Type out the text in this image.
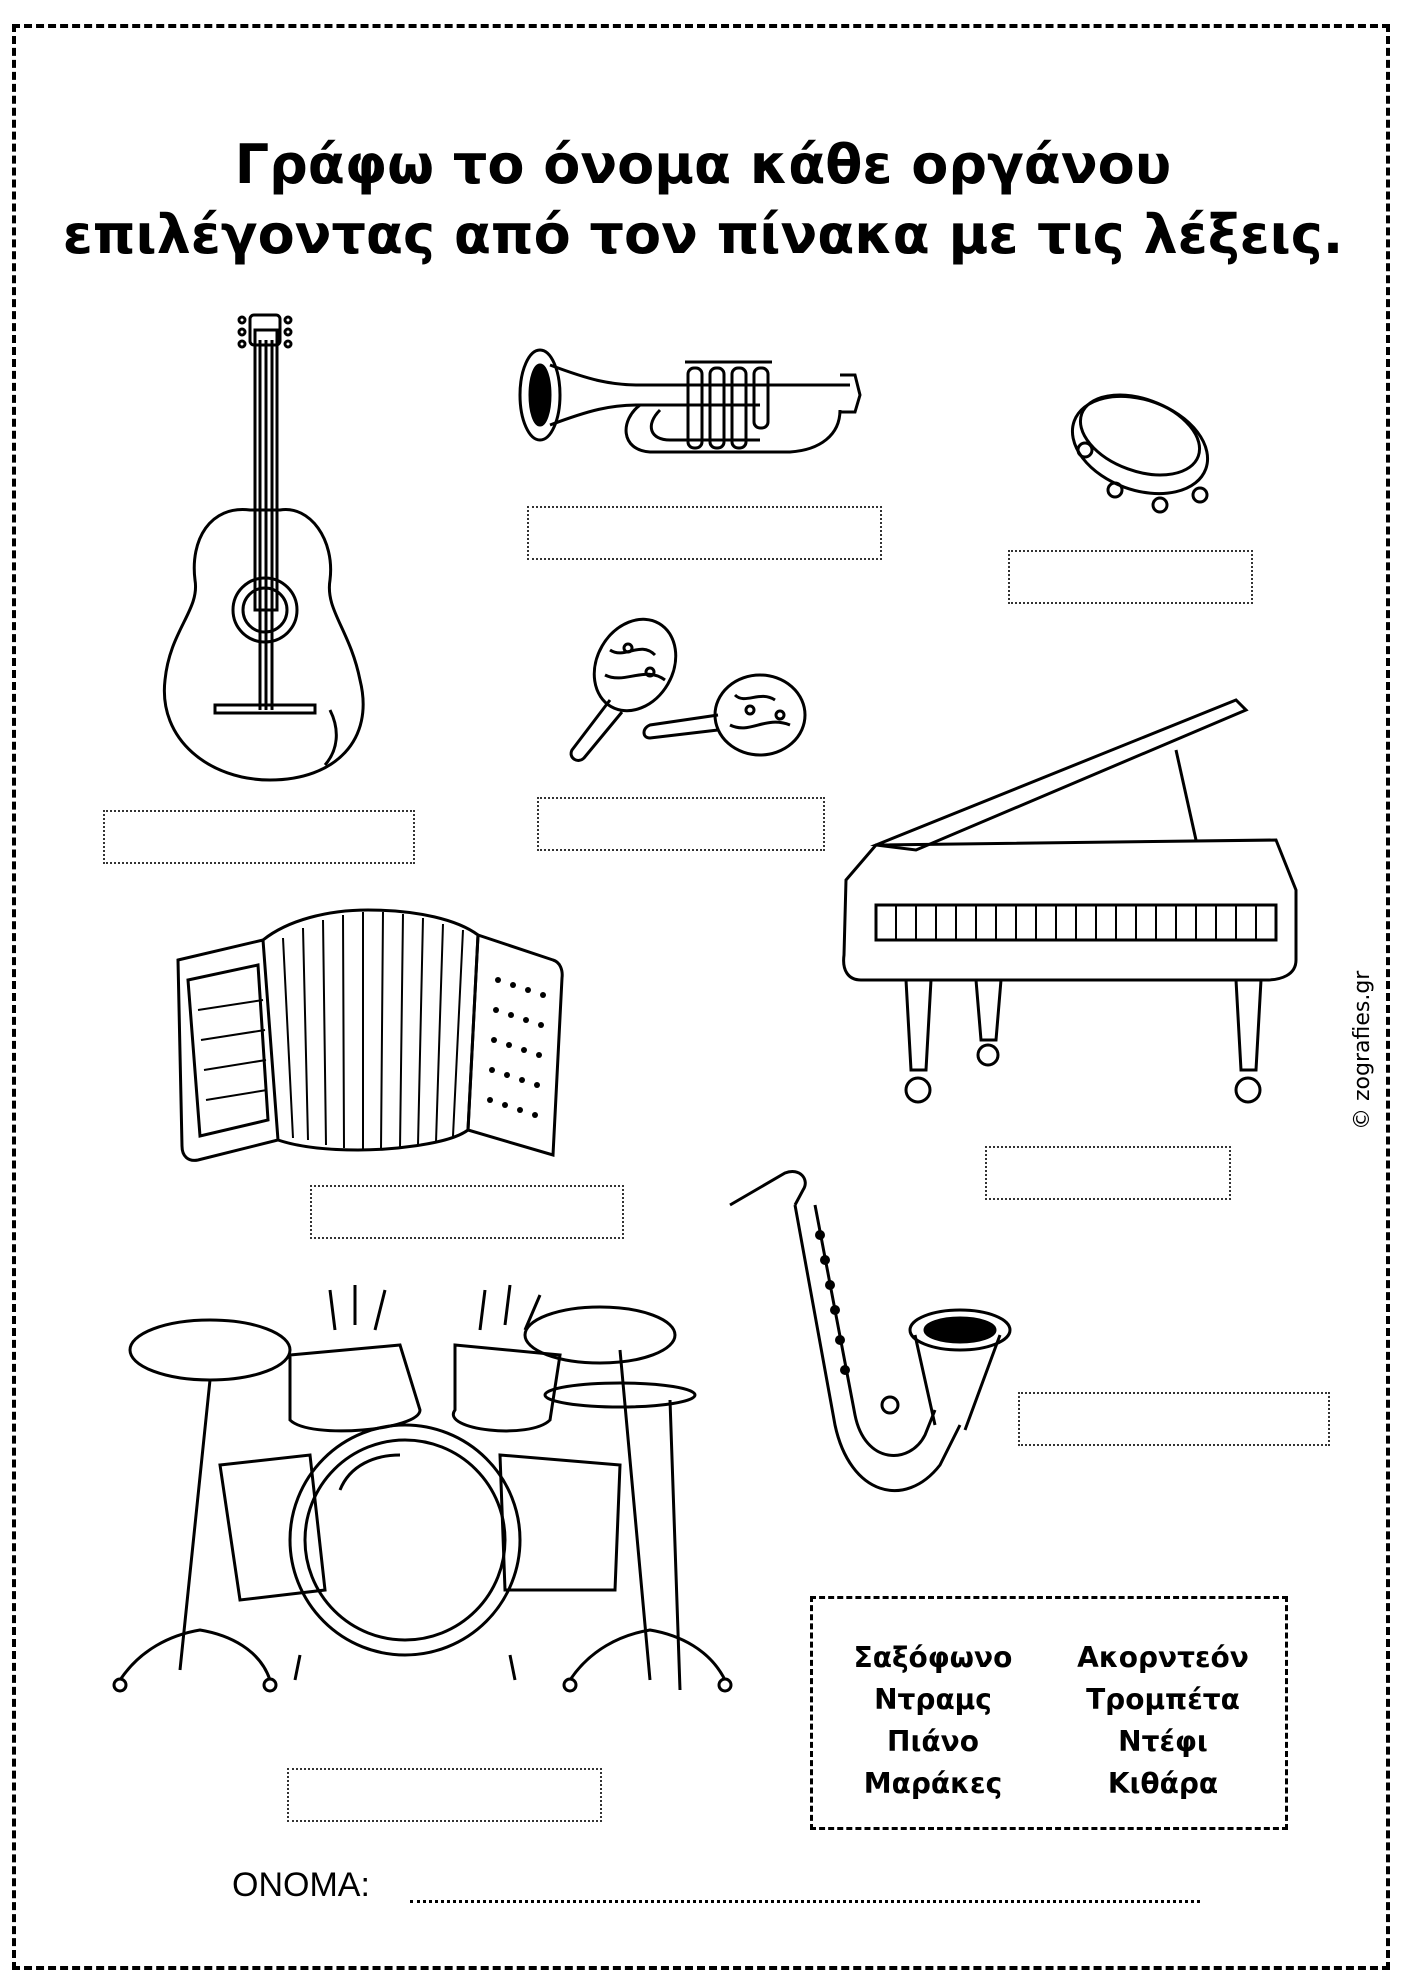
Γράφω το όνομα κάθε οργάνου
επιλέγοντας από τον πίνακα με τις λέξεις.
Σαξόφωνο
Ντραμς
Πιάνο
Μαράκες
Ακορντεόν
Τρομπέτα
Ντέφι
Κιθάρα
© zografies.gr
ΟΝΟΜΑ:
